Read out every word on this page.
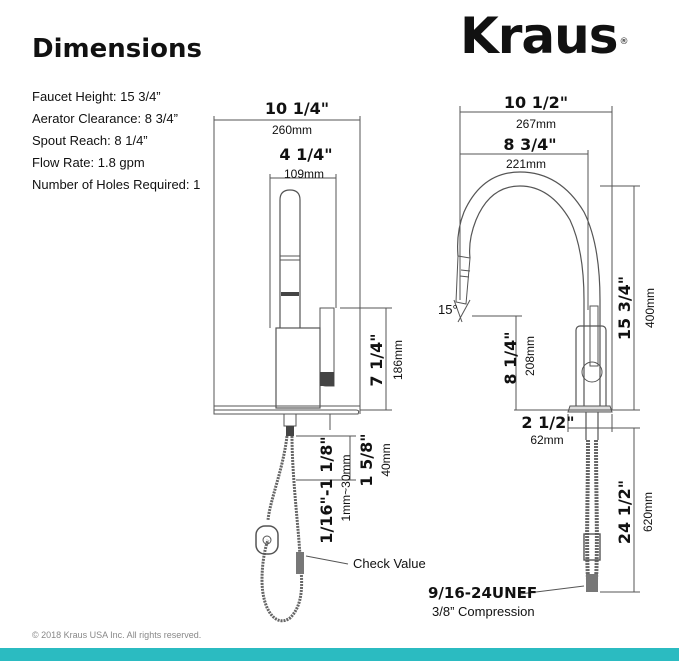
Kraus ®
Dimensions
Faucet Height: 15 3/4”
Aerator Clearance: 8 3/4”
Spout Reach: 8 1/4”
Flow Rate: 1.8 gpm
Number of Holes Required: 1
10 1/4"
260mm
4 1/4"
109mm
7 1/4" 186mm
1/16"-1 1/8" 1mm~30mm 1 5/8" 40mm
Check Value
10 1/2"
267mm
8 3/4"
221mm
15 3/4" 400mm
8 1/4" 208mm
2 1/2"
62mm
24 1/2" 620mm
15°
9/16-24UNEF
3/8” Compression
© 2018 Kraus USA Inc. All rights reserved.
